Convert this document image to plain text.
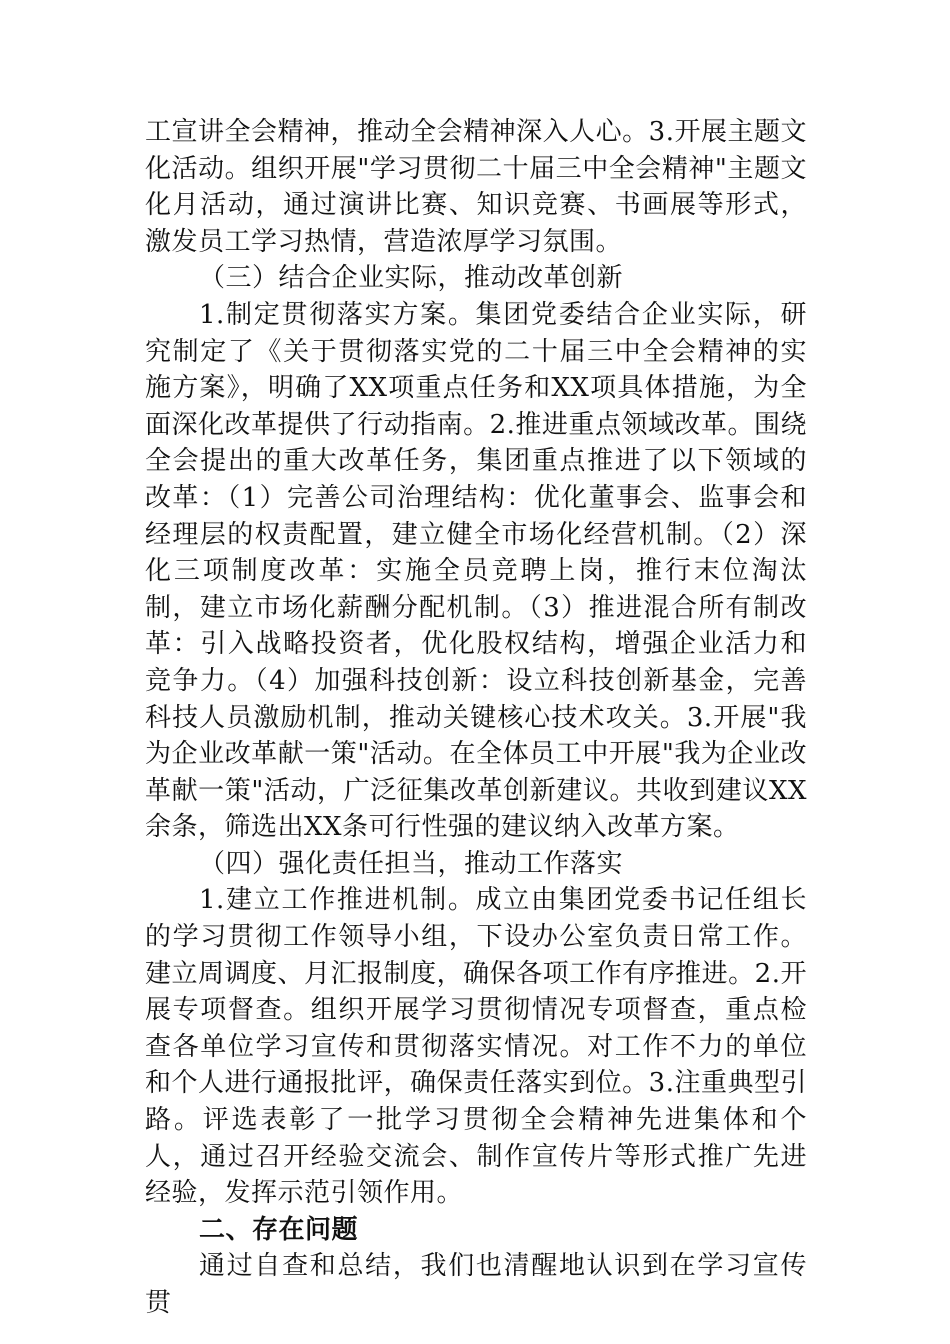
工宣讲全会精神，推动全会精神深入人心。3.开展主题文化活动。组织开展"学习贯彻二十届三中全会精神"主题文化月活动，通过演讲比赛、知识竞赛、书画展等形式，激发员工学习热情，营造浓厚学习氛围。

（三）结合企业实际，推动改革创新

1.制定贯彻落实方案。集团党委结合企业实际，研究制定了《关于贯彻落实党的二十届三中全会精神的实施方案》，明确了XX项重点任务和XX项具体措施，为全面深化改革提供了行动指南。2.推进重点领域改革。围绕全会提出的重大改革任务，集团重点推进了以下领域的改革：（1）完善公司治理结构：优化董事会、监事会和经理层的权责配置，建立健全市场化经营机制。（2）深化三项制度改革：实施全员竞聘上岗，推行末位淘汰制，建立市场化薪酬分配机制。（3）推进混合所有制改革：引入战略投资者，优化股权结构，增强企业活力和竞争力。（4）加强科技创新：设立科技创新基金，完善科技人员激励机制，推动关键核心技术攻关。3.开展"我为企业改革献一策"活动。在全体员工中开展"我为企业改革献一策"活动，广泛征集改革创新建议。共收到建议XX余条，筛选出XX条可行性强的建议纳入改革方案。

（四）强化责任担当，推动工作落实

1.建立工作推进机制。成立由集团党委书记任组长的学习贯彻工作领导小组，下设办公室负责日常工作。建立周调度、月汇报制度，确保各项工作有序推进。2.开展专项督查。组织开展学习贯彻情况专项督查，重点检查各单位学习宣传和贯彻落实情况。对工作不力的单位和个人进行通报批评，确保责任落实到位。3.注重典型引路。评选表彰了一批学习贯彻全会精神先进集体和个人，通过召开经验交流会、制作宣传片等形式推广先进经验，发挥示范引领作用。

二、存在问题

通过自查和总结，我们也清醒地认识到在学习宣传贯
